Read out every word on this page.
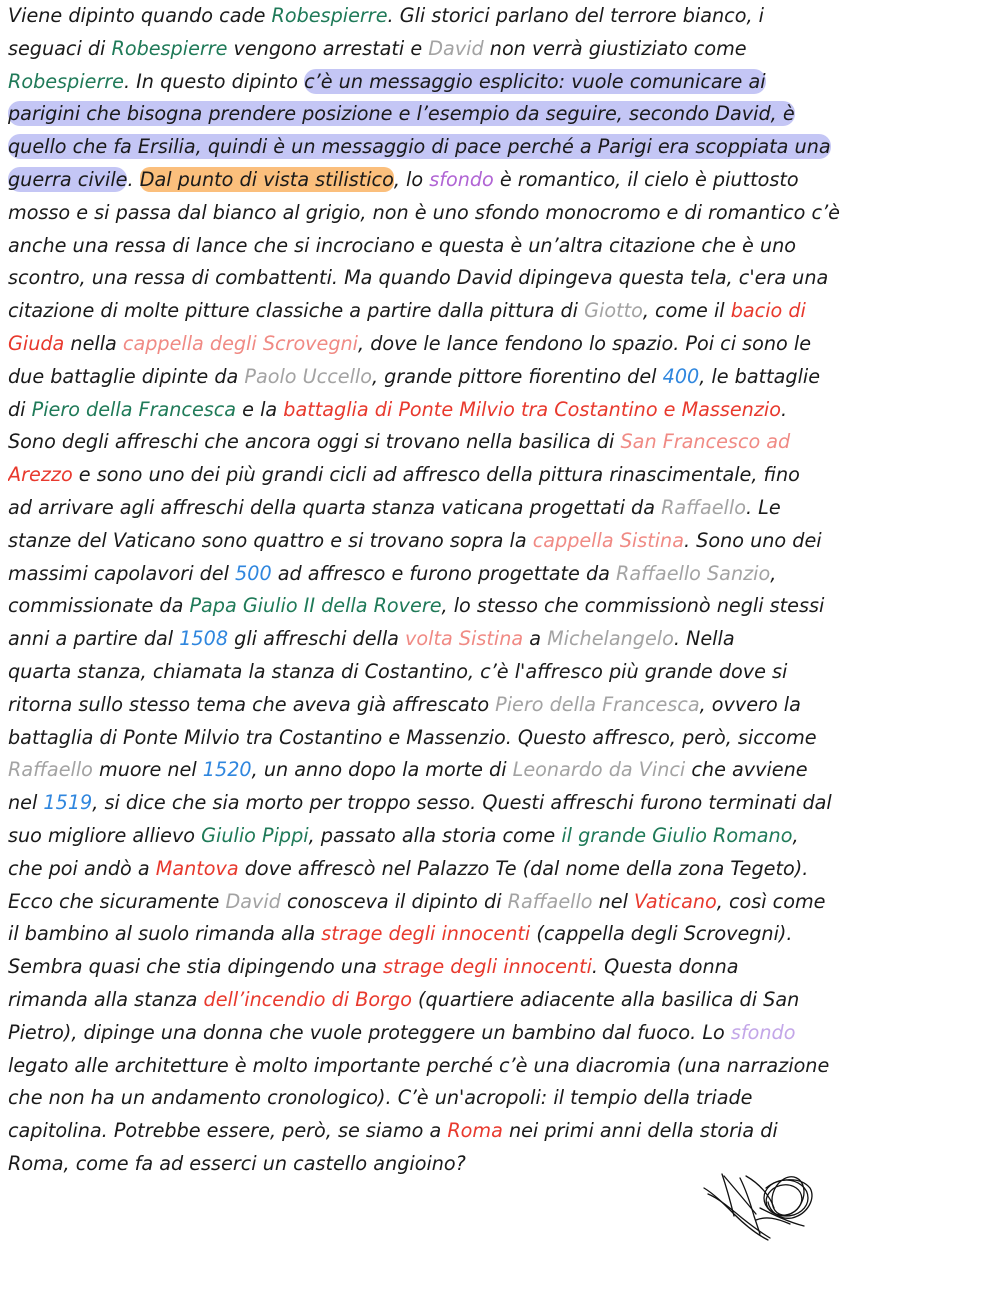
Viene dipinto quando cade Robespierre. Gli storici parlano del terrore bianco, i
seguaci di Robespierre vengono arrestati e David non verrà giustiziato come
Robespierre. In questo dipinto c’è un messaggio esplicito: vuole comunicare ai
parigini che bisogna prendere posizione e l’esempio da seguire, secondo David, è
quello che fa Ersilia, quindi è un messaggio di pace perché a Parigi era scoppiata una
guerra civile. Dal punto di vista stilistico, lo sfondo è romantico, il cielo è piuttosto
mosso e si passa dal bianco al grigio, non è uno sfondo monocromo e di romantico c’è
anche una ressa di lance che si incrociano e questa è un’altra citazione che è uno
scontro, una ressa di combattenti. Ma quando David dipingeva questa tela, c'era una
citazione di molte pitture classiche a partire dalla pittura di Giotto, come il bacio di
Giuda nella cappella degli Scrovegni, dove le lance fendono lo spazio. Poi ci sono le
due battaglie dipinte da Paolo Uccello, grande pittore fiorentino del 400, le battaglie
di Piero della Francesca e la battaglia di Ponte Milvio tra Costantino e Massenzio.
Sono degli affreschi che ancora oggi si trovano nella basilica di San Francesco ad
Arezzo e sono uno dei più grandi cicli ad affresco della pittura rinascimentale, fino
ad arrivare agli affreschi della quarta stanza vaticana progettati da Raffaello. Le
stanze del Vaticano sono quattro e si trovano sopra la cappella Sistina. Sono uno dei
massimi capolavori del 500 ad affresco e furono progettate da Raffaello Sanzio,
commissionate da Papa Giulio II della Rovere, lo stesso che commissionò negli stessi
anni a partire dal 1508 gli affreschi della volta Sistina a Michelangelo. Nella
quarta stanza, chiamata la stanza di Costantino, c’è l'affresco più grande dove si
ritorna sullo stesso tema che aveva già affrescato Piero della Francesca, ovvero la
battaglia di Ponte Milvio tra Costantino e Massenzio. Questo affresco, però, siccome
Raffaello muore nel 1520, un anno dopo la morte di Leonardo da Vinci che avviene
nel 1519, si dice che sia morto per troppo sesso. Questi affreschi furono terminati dal
suo migliore allievo Giulio Pippi, passato alla storia come il grande Giulio Romano,
che poi andò a Mantova dove affrescò nel Palazzo Te (dal nome della zona Tegeto).
Ecco che sicuramente David conosceva il dipinto di Raffaello nel Vaticano, così come
il bambino al suolo rimanda alla strage degli innocenti (cappella degli Scrovegni).
Sembra quasi che stia dipingendo una strage degli innocenti. Questa donna
rimanda alla stanza dell’incendio di Borgo (quartiere adiacente alla basilica di San
Pietro), dipinge una donna che vuole proteggere un bambino dal fuoco. Lo sfondo
legato alle architetture è molto importante perché c’è una diacromia (una narrazione
che non ha un andamento cronologico). C’è un'acropoli: il tempio della triade
capitolina. Potrebbe essere, però, se siamo a Roma nei primi anni della storia di
Roma, come fa ad esserci un castello angioino?
